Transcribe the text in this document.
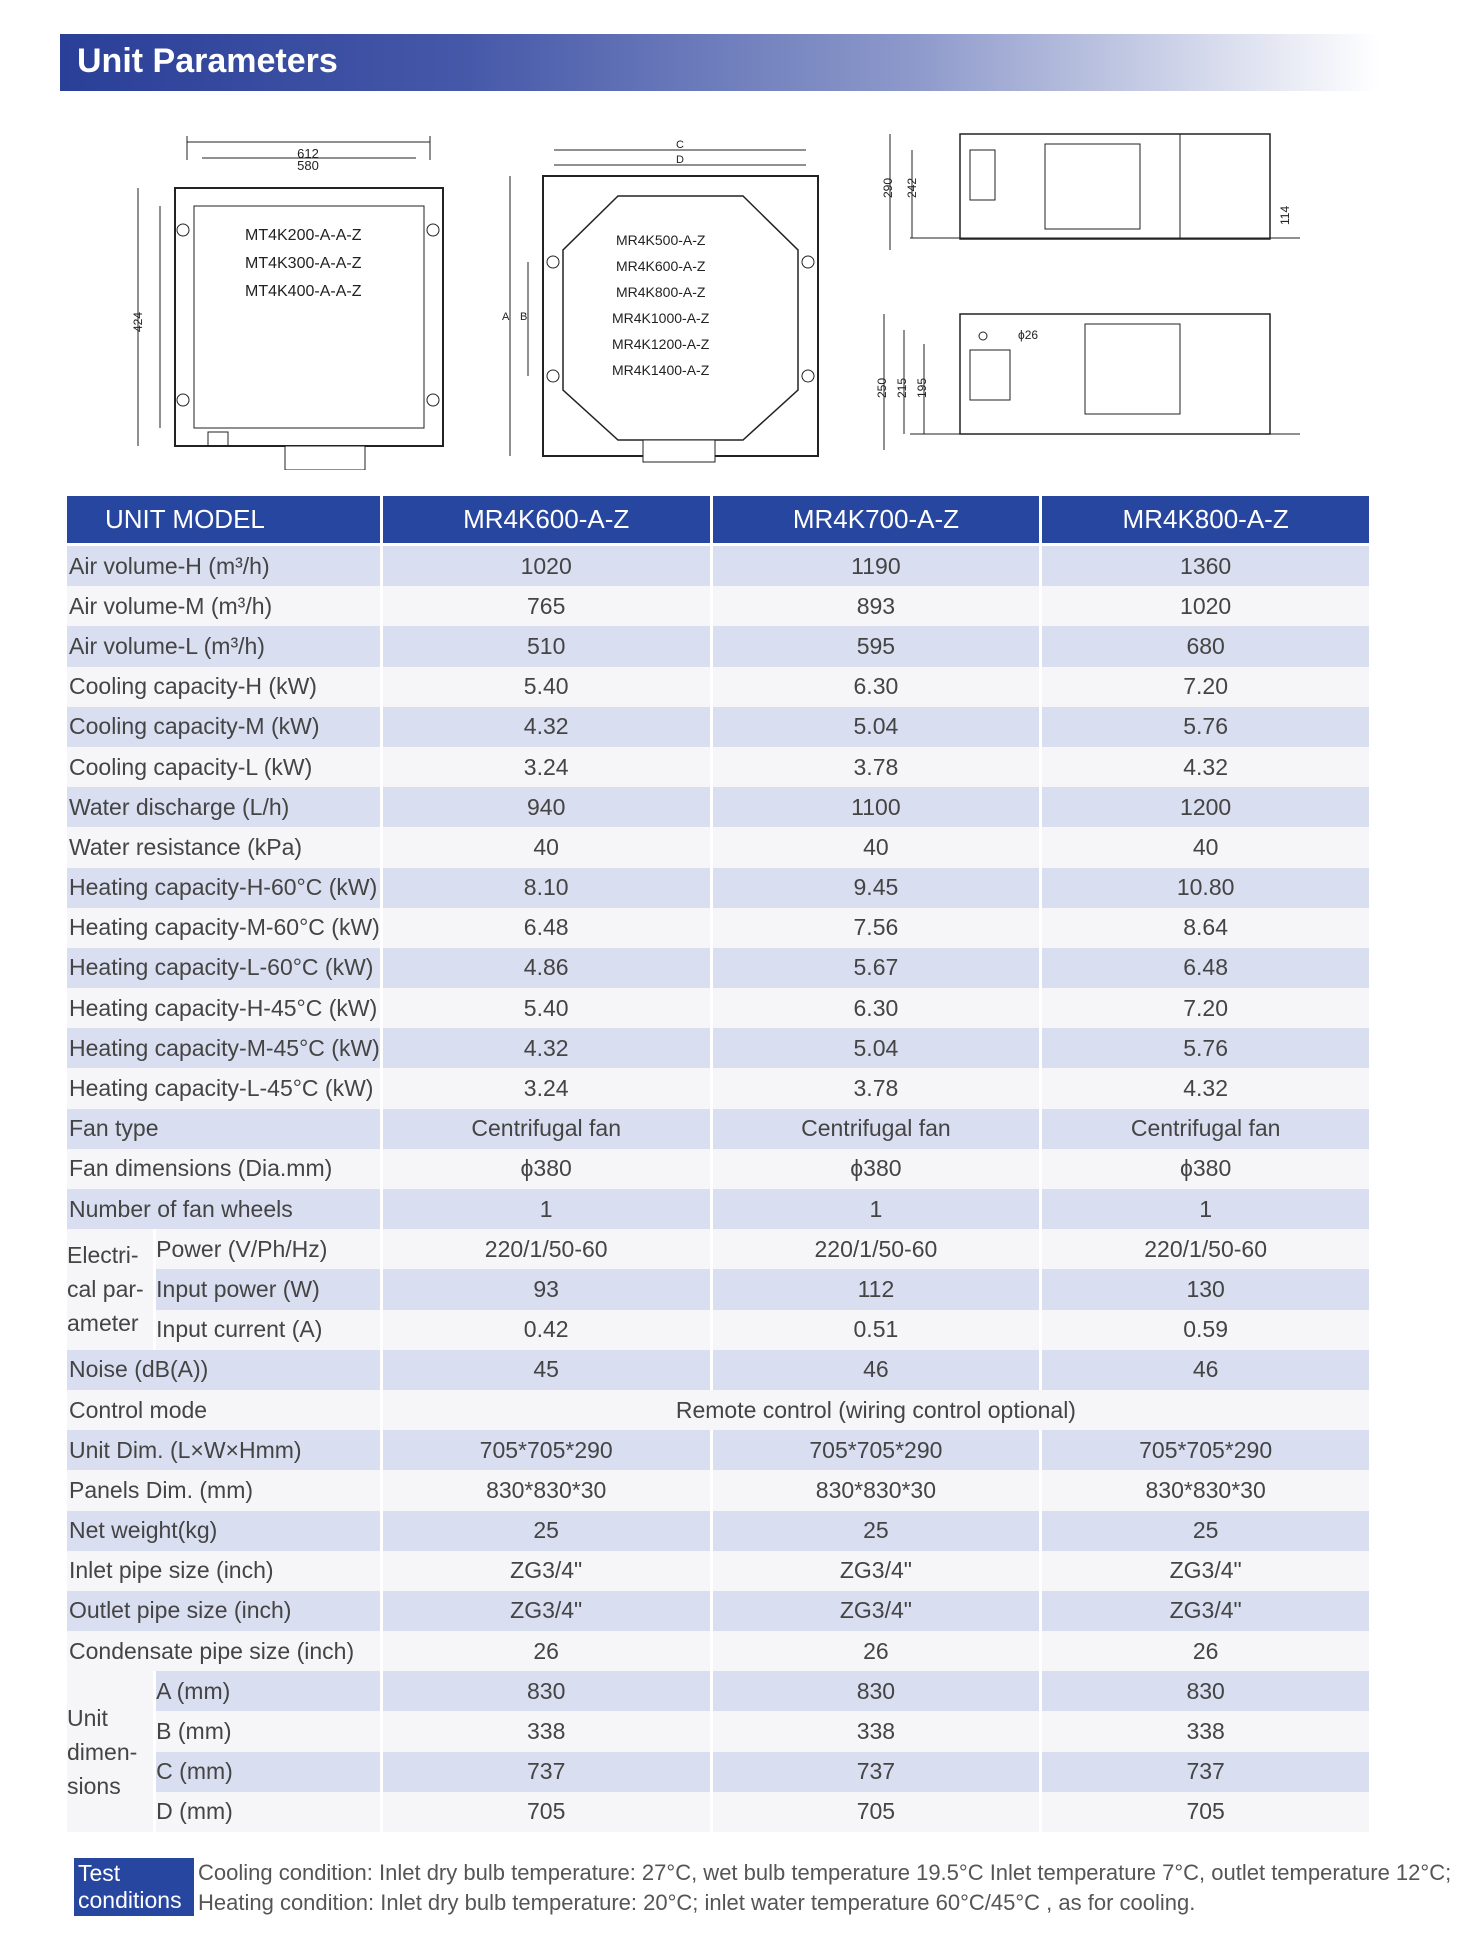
Unit Parameters
612
580
424
MT4K200-A-A-Z
MT4K300-A-A-Z
MT4K400-A-A-Z
C
D
A B
MR4K500-A-Z
MR4K600-A-Z
MR4K800-A-Z
MR4K1000-A-Z
MR4K1200-A-Z
MR4K1400-A-Z
290 242
114
ϕ26
250 215 195
UNIT MODEL		MR4K600-A-Z	MR4K700-A-Z	MR4K800-A-Z
Air volume-H (m³/h)		1020	1190	1360
Air volume-M (m³/h)		765	893	1020
Air volume-L (m³/h)		510	595	680
Cooling capacity-H (kW)		5.40	6.30	7.20
Cooling capacity-M (kW)		4.32	5.04	5.76
Cooling capacity-L (kW)		3.24	3.78	4.32
Water discharge (L/h)		940	1100	1200
Water resistance (kPa)		40	40	40
Heating capacity-H-60°C (kW)		8.10	9.45	10.80
Heating capacity-M-60°C (kW)		6.48	7.56	8.64
Heating capacity-L-60°C (kW)		4.86	5.67	6.48
Heating capacity-H-45°C (kW)		5.40	6.30	7.20
Heating capacity-M-45°C (kW)		4.32	5.04	5.76
Heating capacity-L-45°C (kW)		3.24	3.78	4.32
Fan type		Centrifugal fan	Centrifugal fan	Centrifugal fan
Fan dimensions (Dia.mm)		ϕ380	ϕ380	ϕ380
Number of fan wheels		1	1	1

Electri-
cal par-
ameter	Power (V/Ph/Hz)	220/1/50-60	220/1/50-60	220/1/50-60
	Input power (W)	93	112	130
	Input current (A)	0.42	0.51	0.59
Noise (dB(A))		45	46	46
Control mode		Remote control (wiring control optional)		
Unit Dim. (L×W×Hmm)		705*705*290	705*705*290	705*705*290
Panels Dim. (mm)		830*830*30	830*830*30	830*830*30
Net weight(kg)		25	25	25
Inlet pipe size (inch)		ZG3/4"	ZG3/4"	ZG3/4"
Outlet pipe size (inch)		ZG3/4"	ZG3/4"	ZG3/4"
Condensate pipe size (inch)		26	26	26

Unit
dimen-
sions	A (mm)	830	830	830
	B (mm)	338	338	338
	C (mm)	737	737	737
	D (mm)	705	705	705
Test
conditions
Cooling condition: Inlet dry bulb temperature: 27°C, wet bulb temperature 19.5°C Inlet temperature 7°C, outlet temperature 12°C;
Heating condition: Inlet dry bulb temperature: 20°C; inlet water temperature 60°C/45°C , as for cooling.
